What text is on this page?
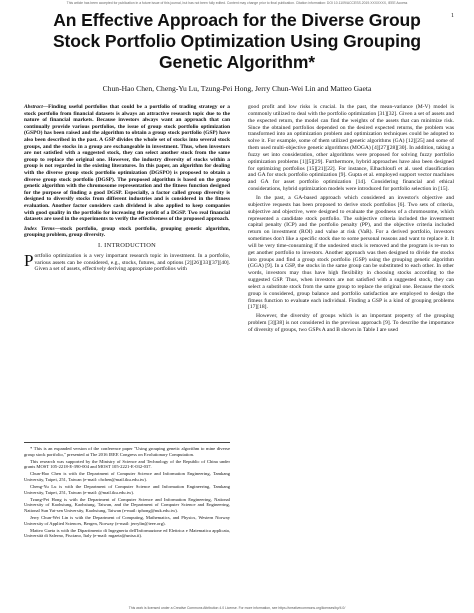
This article has been accepted for publication in a future issue of this journal, but has not been fully edited. Content may change prior to final publication. Citation information: DOI 10.1109/ACCESS.2019.XXXXXXX, IEEE Access
1
An Effective Approach for the Diverse Group Stock Portfolio Optimization Using Grouping Genetic Algorithm*
Chun-Hao Chen, Cheng-Yu Lu, Tzung-Pei Hong, Jerry Chun-Wei Lin and Matteo Gaeta
Abstract—Finding useful portfolios that could be a portfolio of trading strategy or a stock portfolio from financial datasets is always an attractive research topic due to the nature of financial markets. Because investors always want an approach that can continually provide various portfolios, the issue of group stock portfolio optimization (GSPO) has been raised and the algorithm to obtain a group stock portfolio (GSP) have also been described in the past. A GSP divides the whole set of stocks into several stock groups, and the stocks in a group are exchangeable in investment. Thus, when investors are not satisfied with a suggested stock, they can select another stock from the same group to replace the original one. However, the industry diversity of stocks within a group is not regarded in the existing literatures. In this paper, an algorithm for dealing with the diverse group stock portfolio optimization (DGSPO) is proposed to obtain a diverse group stock portfolio (DGSP). The proposed algorithm is based on the group genetic algorithm with the chromosome representation and the fitness function designed for the purpose of finding a good DGSP. Especially, a factor called group diversity is designed to diversify stocks from different industries and is considered in the fitness evaluation. Another factor considers cash dividend is also applied to keep companies with good quality in the portfolio for increasing the profit of a DGSP. Two real financial datasets are used in the experiments to verify the effectiveness of the proposed approach.
Index Terms—stock portfolio, group stock portfolio, grouping genetic algorithm, grouping problem, group diversity.
I. INTRODUCTION

Portfolio optimization is a very important research topic in investment. In a portfolio, various assets can be considered, e.g., stocks, futures, and options [2][26][33][37][40]. Given a set of assets, effectively deriving appropriate portfolios with

* This is an expanded version of the conference paper "Using grouping genetic algorithm to mine diverse group stock portfolio," presented at The 2016 IEEE Congress on Evolutionary Computation.

This research was supported by the Ministry of Science and Technology of the Republic of China under grants MOST 105-2218-E-390-004 and MOST 105-2221-E-032-037.

Chun-Hao Chen is with the Department of Computer Science and Information Engineering, Tamkang University, Taipei, 251, Taiwan (e-mail: chchen@mail.tku.edu.tw).

Cheng-Yu Lu is with the Department of Computer Science and Information Engineering, Tamkang University, Taipei, 251, Taiwan (e-mail: @mail.tku.edu.tw).

Tzung-Pei Hong is with the Department of Computer Science and Information Engineering, National University of Kaohsiung, Kaohsiung, Taiwan, and the Department of Computer Science and Engineering, National Sun Yat-sen University, Kaohsiung, Taiwan (e-mail: tphong@nuk.edu.tw).

Jerry Chun-Wei Lin is with the Department of Computing, Mathematics, and Physics, Western Norway University of Applied Sciences, Bergen, Norway (e-mail: jerrylin@ieee.org).

Matteo Gaeta is with the Dipartimento di Ingegneria dell'Informazione ed Elettrica e Matematica applicata, Università di Salerno, Fisciano, Italy (e-mail: mgaeta@unisa.it).

good profit and low risks is crucial. In the past, the mean-variance (M-V) model is commonly utilized to deal with the portfolio optimization [31][32]. Given a set of assets and the expected return, the model can find the weights of the assets that can minimize risk. Since the obtained portfolios depended on the desired expected returns, the problem was transformed into an optimization problem and optimization techniques could be adopted to solve it. For example, some of them utilized genetic algorithms (GA) [12][25] and some of them used multi-objective genetic algorithms (MOGA) [4][27][28][30]. In addition, taking a fuzzy set into consideration, other algorithms were proposed for solving fuzzy portfolio optimization problems [1][5][29]. Furthermore, hybrid approaches have also been designed for optimizing portfolios [15][21][22]. For instance, Elhachloufi et al. used classification and GA for stock portfolio optimization [9]. Gupta et al. employed support vector machines and GA for asset portfolio optimization [14]. Considering financial and ethical considerations, hybrid optimization models were introduced for portfolio selection in [15].

In the past, a GA-based approach which considered an investor's objective and subjective requests has been proposed to derive stock portfolios [6]. Two sets of criteria, subjective and objective, were designed to evaluate the goodness of a chromosome, which represented a candidate stock portfolio. The subjective criteria included the investment capital penalty (ICP) and the portfolio penalty (PP), and the objective criteria included return on investment (ROI) and value at risk (VaR). For a derived portfolio, investors sometimes don't like a specific stock due to some personal reasons and want to replace it. It will be very time-consuming if the undesired stock is removed and the program is re-run to get another portfolio to investors. Another approach was then designed to divide the stocks into groups and find a group stock portfolio (GSP) using the grouping genetic algorithm (GGA) [9]. In a GSP, the stocks in the same group can be substituted to each other. In other words, investors may thus have high flexibility in choosing stocks according to the suggested GSP. Thus, when investors are not satisfied with a suggested stock, they can select a substitute stock from the same group to replace the original one. Because the stock group is considered, group balance and portfolio satisfaction are employed to design the fitness function to evaluate each individual. Finding a GSP is a kind of grouping problems [17][18].

However, the diversity of groups which is an important property of the grouping problem [3][38] is not considered in the previous approach [9]. To describe the importance of diversity of groups, two GSPs A and B shown in Table I are used

This work is licensed under a Creative Commons Attribution 4.0 License. For more information, see https://creativecommons.org/licenses/by/4.0/
